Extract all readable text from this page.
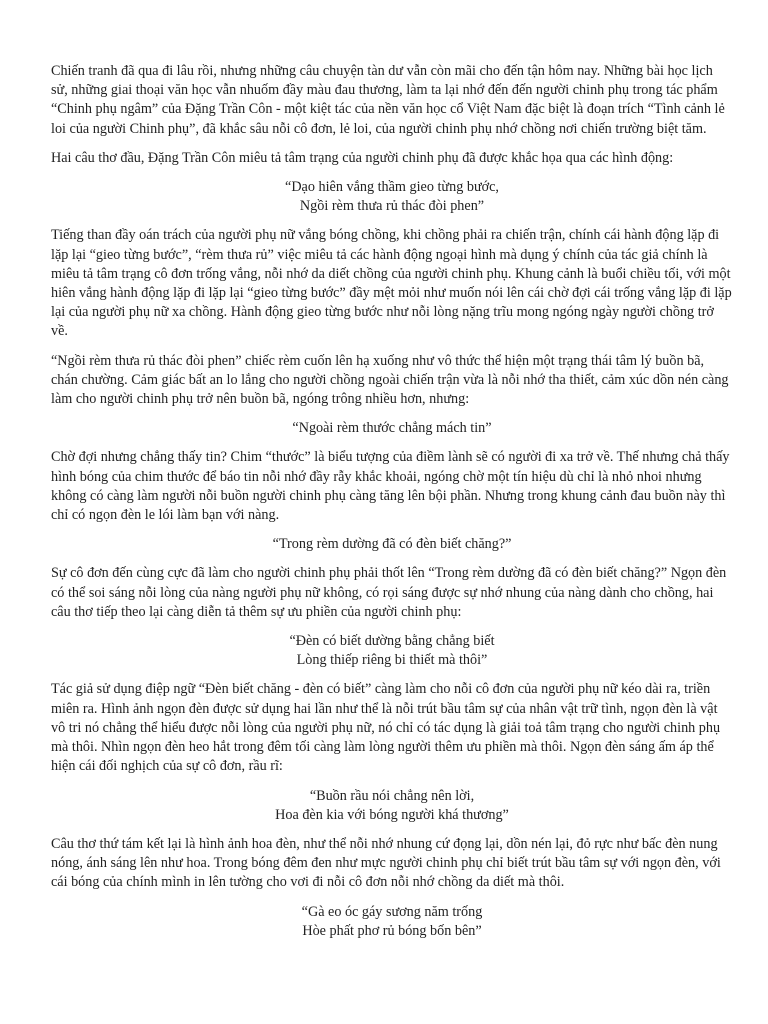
Chiến tranh đã qua đi lâu rồi, nhưng những câu chuyện tàn dư vẫn còn mãi cho đến tận hôm nay. Những bài học lịch sử, những giai thoại văn học vẫn nhuốm đầy màu đau thương, làm ta lại nhớ đến đến người chinh phụ trong tác phẩm “Chinh phụ ngâm” của Đặng Trần Côn - một kiệt tác của nền văn học cổ Việt Nam đặc biệt là đoạn trích “Tình cảnh lẻ loi của người Chinh phụ”, đã khắc sâu nỗi cô đơn, lẻ loi, của người chinh phụ nhớ chồng nơi chiến trường biệt tăm.

Hai câu thơ đầu, Đặng Trần Côn miêu tả tâm trạng của người chinh phụ đã được khắc họa qua các hình động:

“Dạo hiên vắng thầm gieo từng bước,
Ngồi rèm thưa rủ thác đòi phen”

Tiếng than đầy oán trách của người phụ nữ vắng bóng chồng, khi chồng phải ra chiến trận, chính cái hành động lặp đi lặp lại “gieo từng bước”, “rèm thưa rủ” việc miêu tả các hành động ngoại hình mà dụng ý chính của tác giả chính là miêu tả tâm trạng cô đơn trống vắng, nỗi nhớ da diết chồng của người chinh phụ. Khung cảnh là buổi chiều tối, với một hiên vắng hành động lặp đi lặp lại “gieo từng bước” đầy mệt mỏi như muốn nói lên cái chờ đợi cái trống vắng lặp đi lặp lại của người phụ nữ xa chồng. Hành động gieo từng bước như nỗi lòng nặng trĩu mong ngóng ngày người chồng trở về.

“Ngồi rèm thưa rủ thác đòi phen” chiếc rèm cuốn lên hạ xuống như vô thức thể hiện một trạng thái tâm lý buồn bã, chán chường. Cảm giác bất an lo lắng cho người chồng ngoài chiến trận vừa là nỗi nhớ tha thiết, cảm xúc dồn nén càng làm cho người chinh phụ trở nên buồn bã, ngóng trông nhiều hơn, nhưng:

“Ngoài rèm thước chẳng mách tin”

Chờ đợi nhưng chẳng thấy tin? Chim “thước” là biểu tượng của điềm lành sẽ có người đi xa trở về. Thế nhưng chả thấy hình bóng của chim thước để báo tin nỗi nhớ đầy rẫy khắc khoải, ngóng chờ một tín hiệu dù chỉ là nhỏ nhoi nhưng không có càng làm người nỗi buồn người chinh phụ càng tăng lên bội phần. Nhưng trong khung cảnh đau buồn này thì chỉ có ngọn đèn le lói làm bạn với nàng.

“Trong rèm dường đã có đèn biết chăng?”

Sự cô đơn đến cùng cực đã làm cho người chinh phụ phải thốt lên “Trong rèm dường đã có đèn biết chăng?” Ngọn đèn có thể soi sáng nỗi lòng của nàng người phụ nữ không, có rọi sáng được sự nhớ nhung của nàng dành cho chồng, hai câu thơ tiếp theo lại càng diễn tả thêm sự ưu phiền của người chinh phụ:

“Đèn có biết dường bằng chẳng biết
Lòng thiếp riêng bi thiết mà thôi”

Tác giả sử dụng điệp ngữ “Đèn biết chăng - đèn có biết” càng làm cho nỗi cô đơn của người phụ nữ kéo dài ra, triền miên ra. Hình ảnh ngọn đèn được sử dụng hai lần như thể là nỗi trút bầu tâm sự của nhân vật trữ tình, ngọn đèn là vật vô tri nó chẳng thể hiểu được nỗi lòng của người phụ nữ, nó chỉ có tác dụng là giải toả tâm trạng cho người chinh phụ mà thôi. Nhìn ngọn đèn heo hắt trong đêm tối càng làm lòng người thêm ưu phiền mà thôi. Ngọn đèn sáng ấm áp thể hiện cái đối nghịch của sự cô đơn, rầu rĩ:

“Buồn rầu nói chẳng nên lời,
Hoa đèn kia với bóng người khá thương”

Câu thơ thứ tám kết lại là hình ảnh hoa đèn, như thể nỗi nhớ nhung cứ đọng lại, dồn nén lại, đỏ rực như bấc đèn nung nóng, ánh sáng lên như hoa. Trong bóng đêm đen như mực người chinh phụ chỉ biết trút bầu tâm sự với ngọn đèn, với cái bóng của chính mình in lên tường cho vơi đi nỗi cô đơn nỗi nhớ chồng da diết mà thôi.

“Gà eo óc gáy sương năm trống
Hòe phất phơ rủ bóng bốn bên”
